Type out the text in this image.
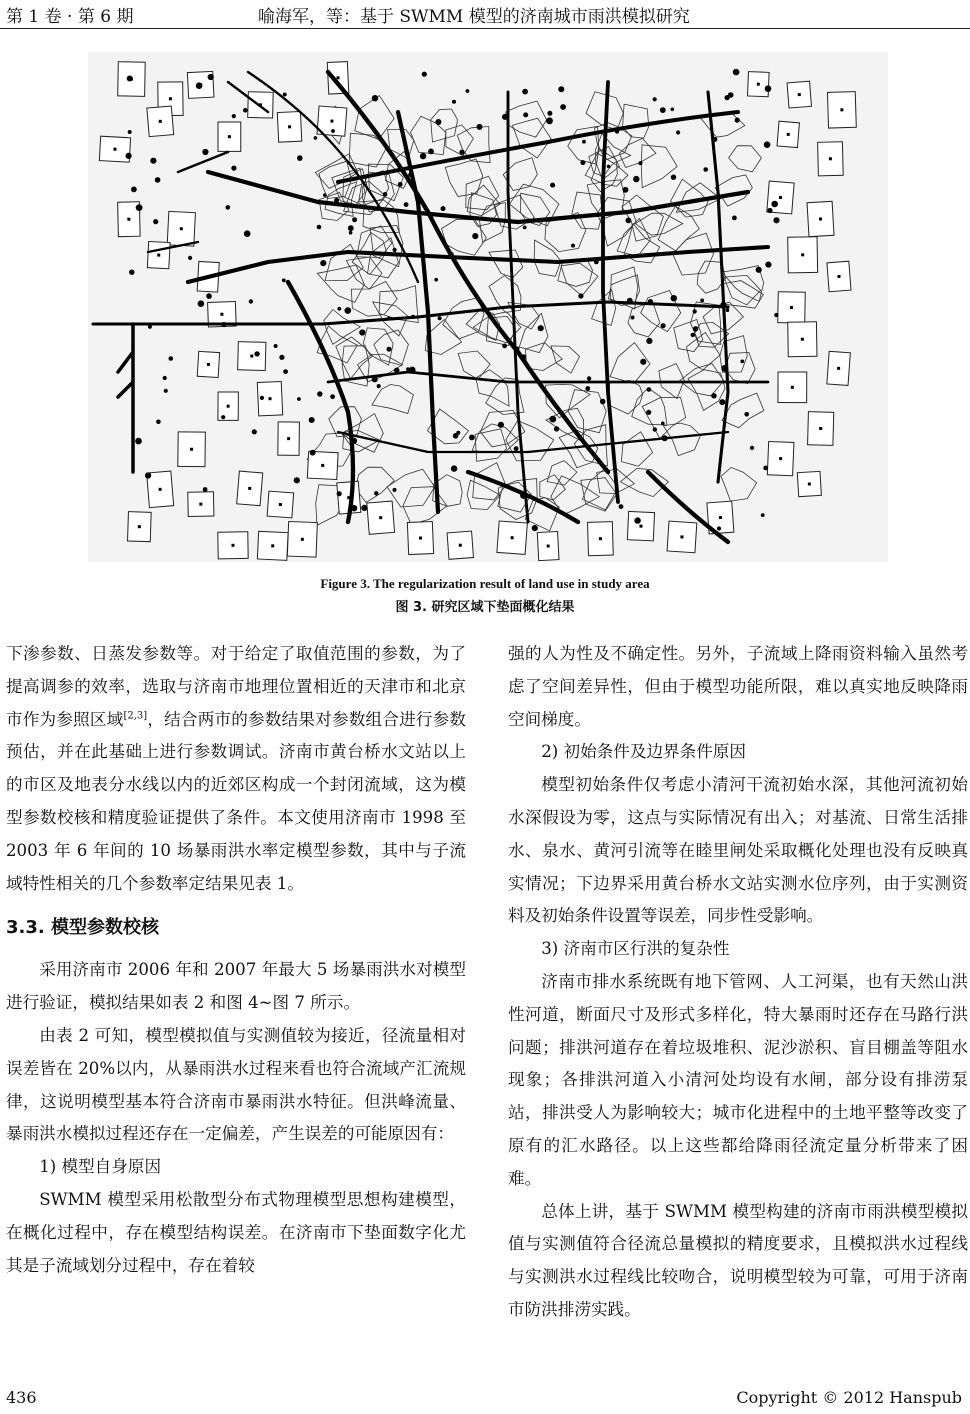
第 1 卷 · 第 6 期	喻海军，等：基于 SWMM 模型的济南城市雨洪模拟研究
Figure 3. The regularization result of land use in study area
图 3. 研究区域下垫面概化结果

下渗参数、日蒸发参数等。对于给定了取值范围的参数，为了提高调参的效率，选取与济南市地理位置相近的天津市和北京市作为参照区域[2,3]，结合两市的参数结果对参数组合进行参数预估，并在此基础上进行参数调试。济南市黄台桥水文站以上的市区及地表分水线以内的近郊区构成一个封闭流域，这为模型参数校核和精度验证提供了条件。本文使用济南市 1998 至 2003 年 6 年间的 10 场暴雨洪水率定模型参数，其中与子流域特性相关的几个参数率定结果见表 1。

3.3. 模型参数校核

采用济南市 2006 年和 2007 年最大 5 场暴雨洪水对模型进行验证，模拟结果如表 2 和图 4~图 7 所示。

由表 2 可知，模型模拟值与实测值较为接近，径流量相对误差皆在 20%以内，从暴雨洪水过程来看也符合流域产汇流规律，这说明模型基本符合济南市暴雨洪水特征。但洪峰流量、暴雨洪水模拟过程还存在一定偏差，产生误差的可能原因有：

1) 模型自身原因

SWMM 模型采用松散型分布式物理模型思想构建模型，在概化过程中，存在模型结构误差。在济南市下垫面数字化尤其是子流域划分过程中，存在着较

强的人为性及不确定性。另外，子流域上降雨资料输入虽然考虑了空间差异性，但由于模型功能所限，难以真实地反映降雨空间梯度。

2) 初始条件及边界条件原因

模型初始条件仅考虑小清河干流初始水深，其他河流初始水深假设为零，这点与实际情况有出入；对基流、日常生活排水、泉水、黄河引流等在睦里闸处采取概化处理也没有反映真实情况；下边界采用黄台桥水文站实测水位序列，由于实测资料及初始条件设置等误差，同步性受影响。

3) 济南市区行洪的复杂性

济南市排水系统既有地下管网、人工河渠，也有天然山洪性河道，断面尺寸及形式多样化，特大暴雨时还存在马路行洪问题；排洪河道存在着垃圾堆积、泥沙淤积、盲目棚盖等阻水现象；各排洪河道入小清河处均设有水闸，部分设有排涝泵站，排洪受人为影响较大；城市化进程中的土地平整等改变了原有的汇水路径。以上这些都给降雨径流定量分析带来了困难。

总体上讲，基于 SWMM 模型构建的济南市雨洪模型模拟值与实测值符合径流总量模拟的精度要求，且模拟洪水过程线与实测洪水过程线比较吻合，说明模型较为可靠，可用于济南市防洪排涝实践。

436	Copyright © 2012 Hanspub
